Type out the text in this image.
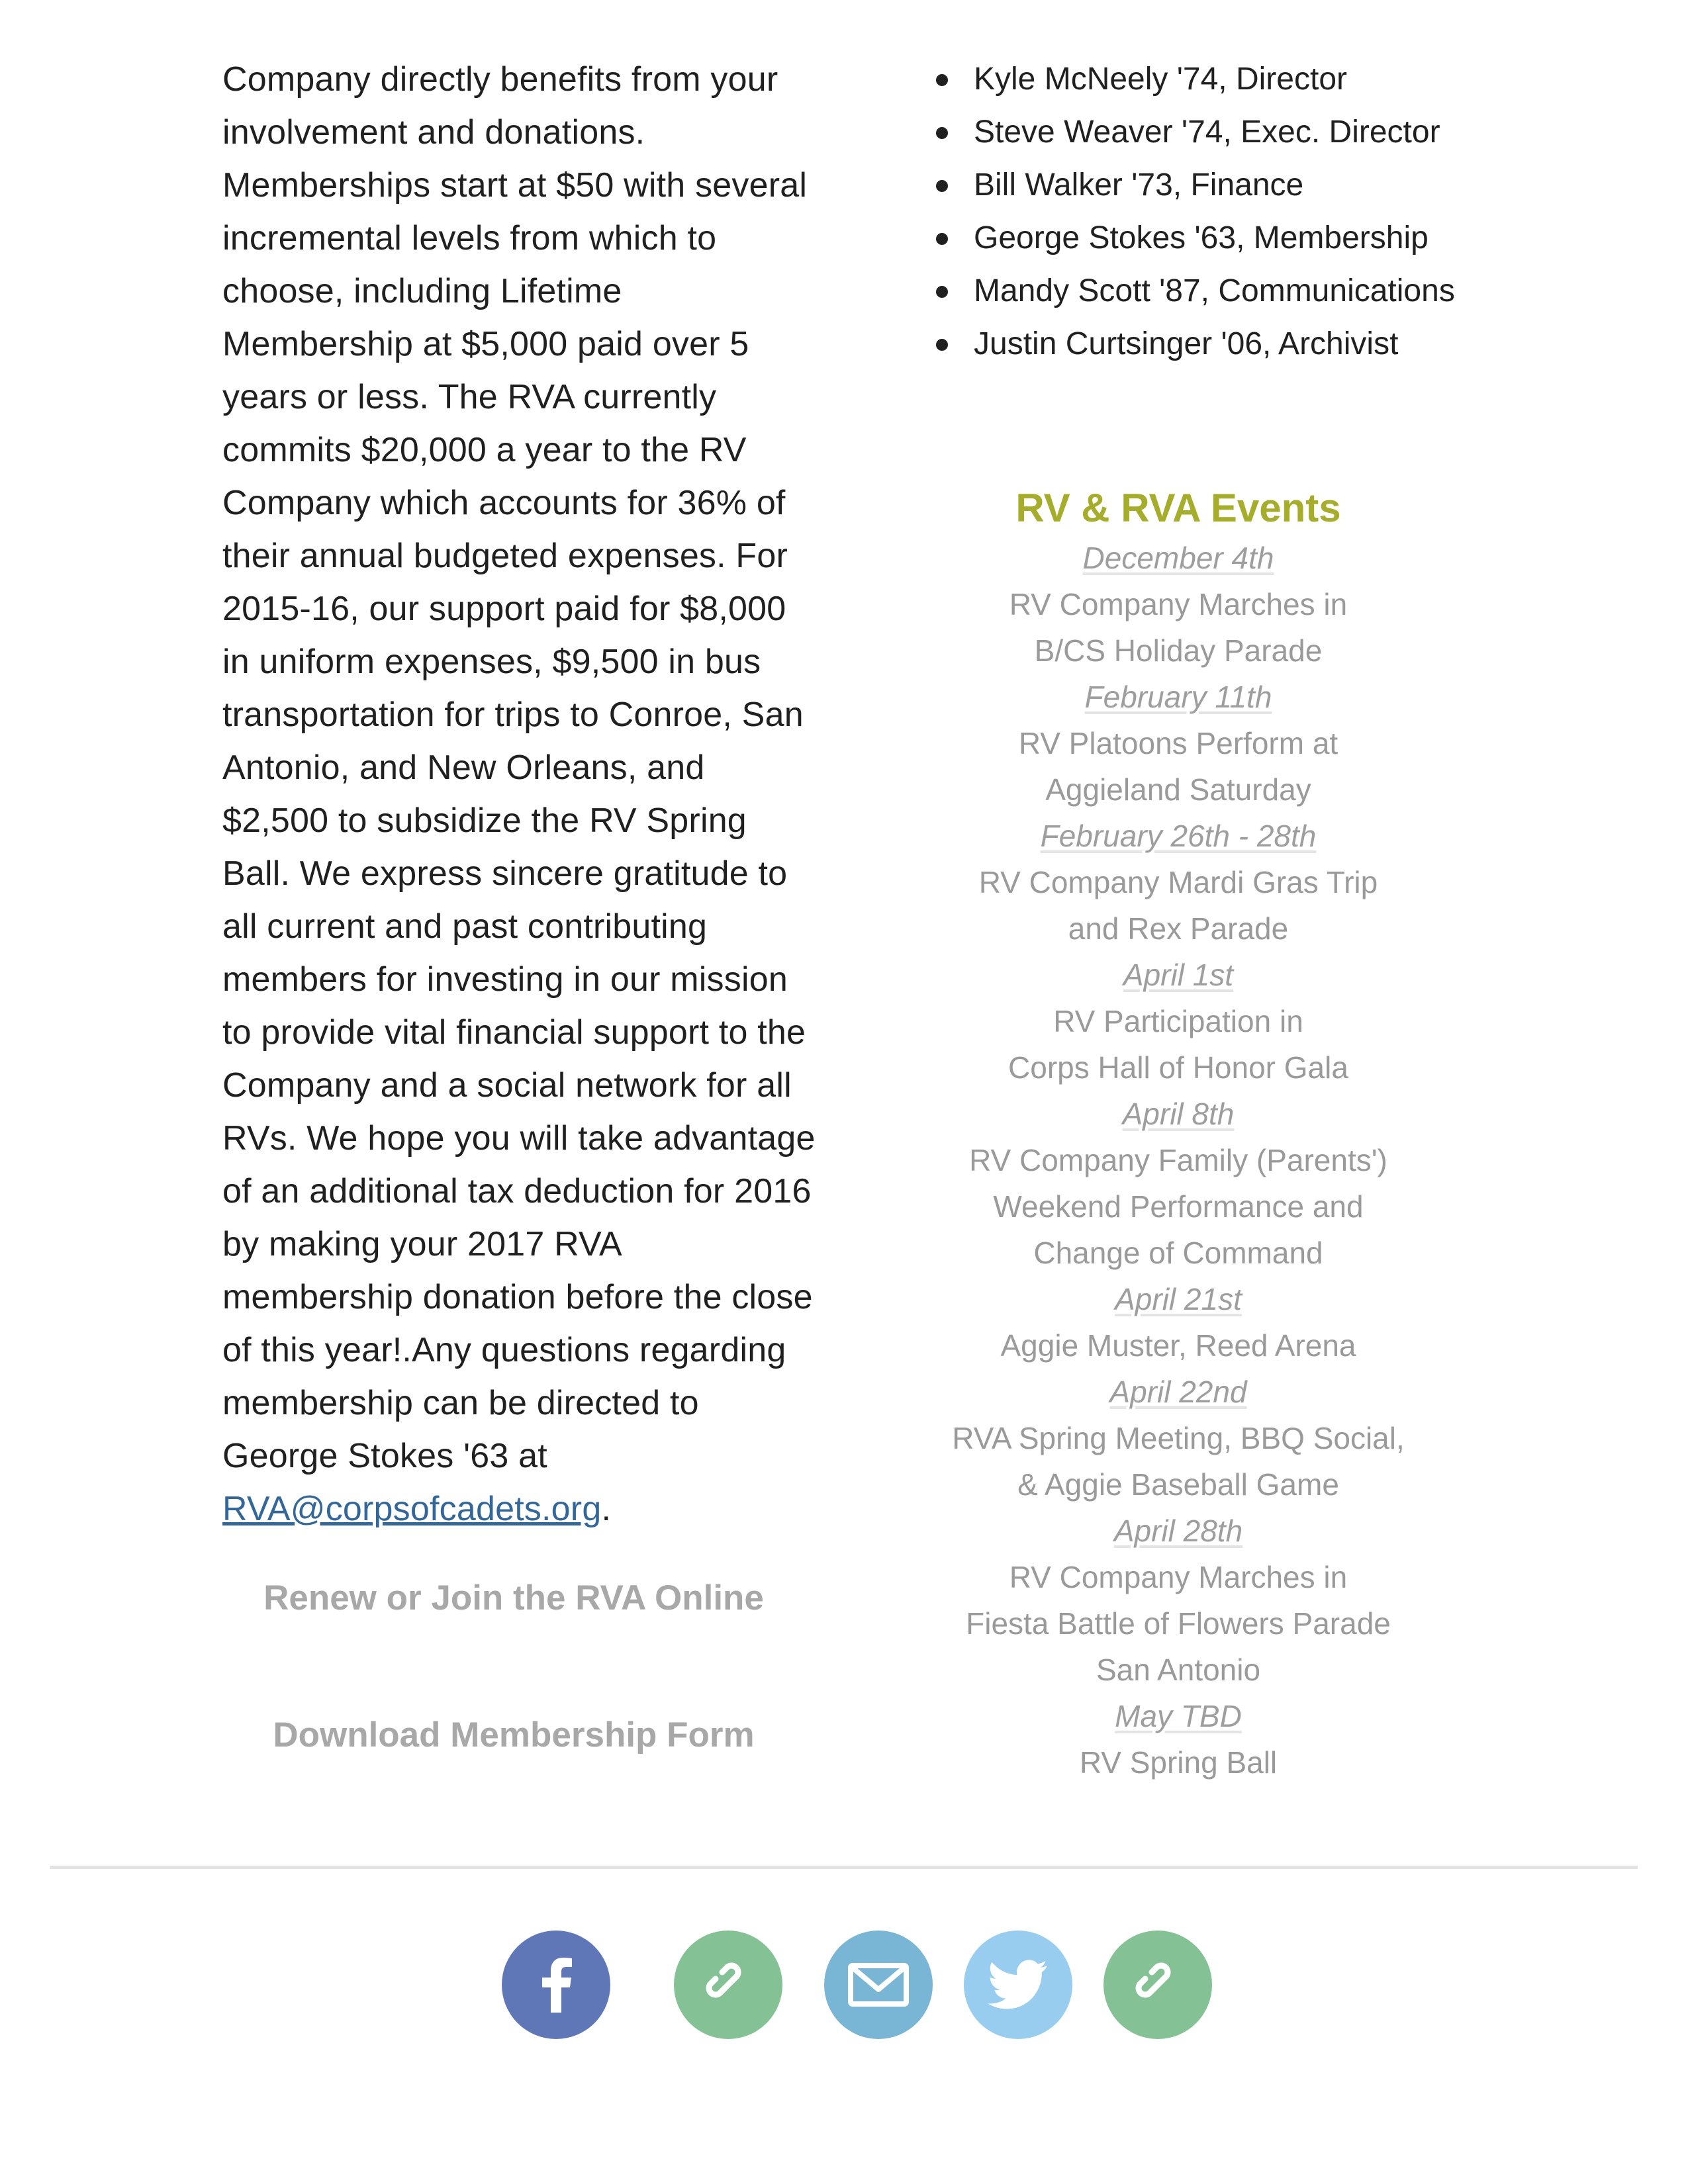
Company directly benefits from your involvement and donations. Memberships start at $50 with several incremental levels from which to choose, including Lifetime Membership at $5,000 paid over 5 years or less. The RVA currently commits $20,000 a year to the RV Company which accounts for 36% of their annual budgeted expenses. For 2015-16, our support paid for $8,000 in uniform expenses, $9,500 in bus transportation for trips to Conroe, San Antonio, and New Orleans, and $2,500 to subsidize the RV Spring Ball. We express sincere gratitude to all current and past contributing members for investing in our mission to provide vital financial support to the Company and a social network for all RVs. We hope you will take advantage of an additional tax deduction for 2016 by making your 2017 RVA membership donation before the close of this year!.Any questions regarding membership can be directed to George Stokes '63 at RVA@corpsofcadets.org.

Renew or Join the RVA Online
Download Membership Form
Kyle McNeely '74, Director
Steve Weaver '74, Exec. Director
Bill Walker '73, Finance
George Stokes '63, Membership
Mandy Scott '87, Communications
Justin Curtsinger '06, Archivist
RV & RVA Events
December 4th
RV Company Marches in
B/CS Holiday Parade
February 11th
RV Platoons Perform at
Aggieland Saturday
February 26th - 28th
RV Company Mardi Gras Trip
and Rex Parade
April 1st
RV Participation in
Corps Hall of Honor Gala
April 8th
RV Company Family (Parents')
Weekend Performance and
Change of Command
April 21st
Aggie Muster, Reed Arena
April 22nd
RVA Spring Meeting, BBQ Social,
& Aggie Baseball Game
April 28th
RV Company Marches in
Fiesta Battle of Flowers Parade
San Antonio
May TBD
RV Spring Ball
